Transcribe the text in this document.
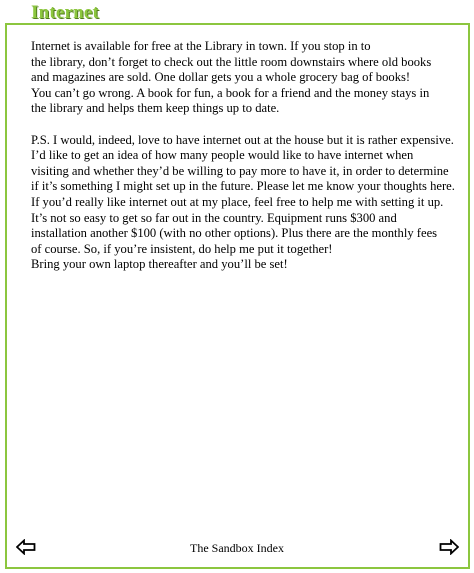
Internet

Internet is available for free at the Library in town. If you stop in to
the library, don’t forget to check out the little room downstairs where old books
and magazines are sold. One dollar gets you a whole grocery bag of books!
You can’t go wrong. A book for fun, a book for a friend and the money stays in
the library and helps them keep things up to date.

P.S. I would, indeed, love to have internet out at the house but it is rather expensive.
I’d like to get an idea of how many people would like to have internet when
visiting and whether they’d be willing to pay more to have it, in order to determine
if it’s something I might set up in the future. Please let me know your thoughts here.
If you’d really like internet out at my place, feel free to help me with setting it up.
It’s not so easy to get so far out in the country. Equipment runs $300 and
installation another $100 (with no other options). Plus there are the monthly fees
of course. So, if you’re insistent, do help me put it together!
Bring your own laptop thereafter and you’ll be set!

The Sandbox Index
